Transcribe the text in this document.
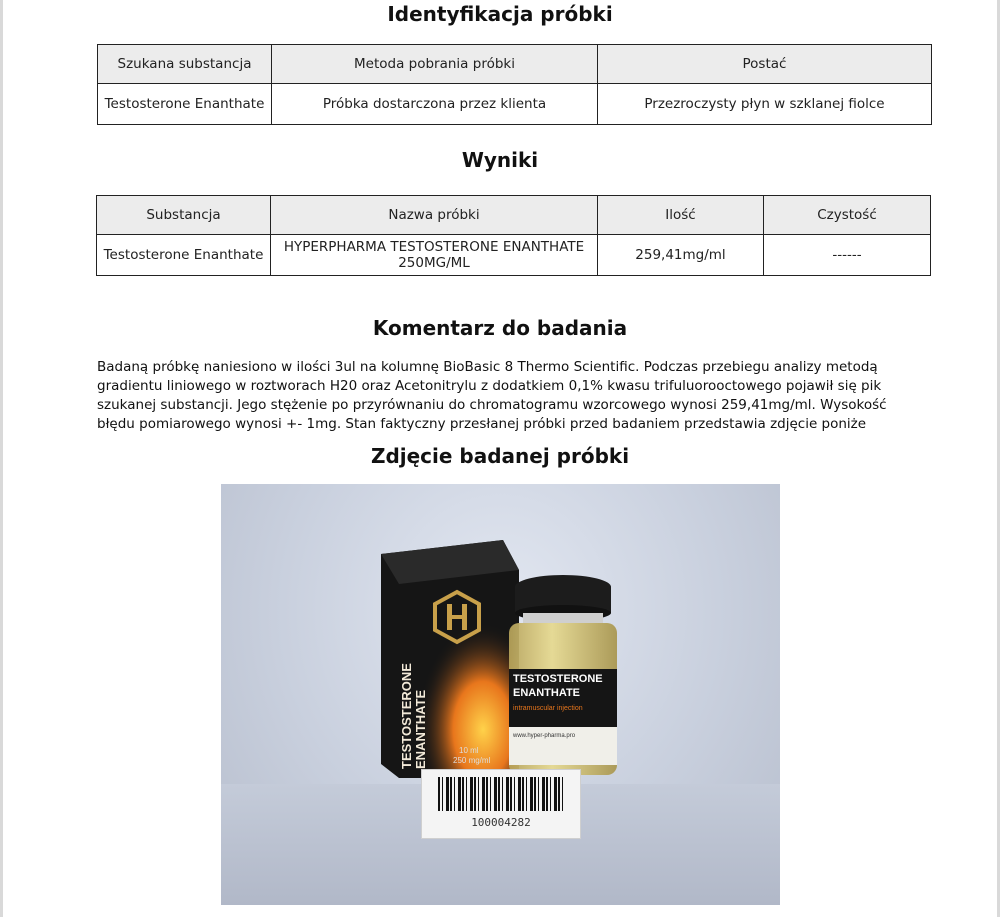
Identyfikacja próbki
Szukana substancja	Metoda pobrania próbki	Postać
Testosterone Enanthate	Próbka dostarczona przez klienta	Przezroczysty płyn w szklanej fiolce
Wyniki
Substancja	Nazwa próbki	Ilość	Czystość
Testosterone Enanthate	HYPERPHARMA TESTOSTERONE ENANTHATE 250MG/ML	259,41mg/ml	------
Komentarz do badania

Badaną próbkę naniesiono w ilości 3ul na kolumnę BioBasic 8 Thermo Scientific. Podczas przebiegu analizy metodą gradientu liniowego w roztworach H20 oraz Acetonitrylu z dodatkiem 0,1% kwasu trifuluorooctowego pojawił się pik szukanej substancji. Jego stężenie po przyrównaniu do chromatogramu wzorcowego wynosi 259,41mg/ml. Wysokość błędu pomiarowego wynosi +- 1mg. Stan faktyczny przesłanej próbki przed badaniem przedstawia zdjęcie poniże

Zdjęcie badanej próbki
TESTOSTERONE ENANTHATE	10 ml
250 mg/ml
TESTOSTERONE
ENANTHATE
intramuscular injection
www.hyper-pharma.pro
100004282
